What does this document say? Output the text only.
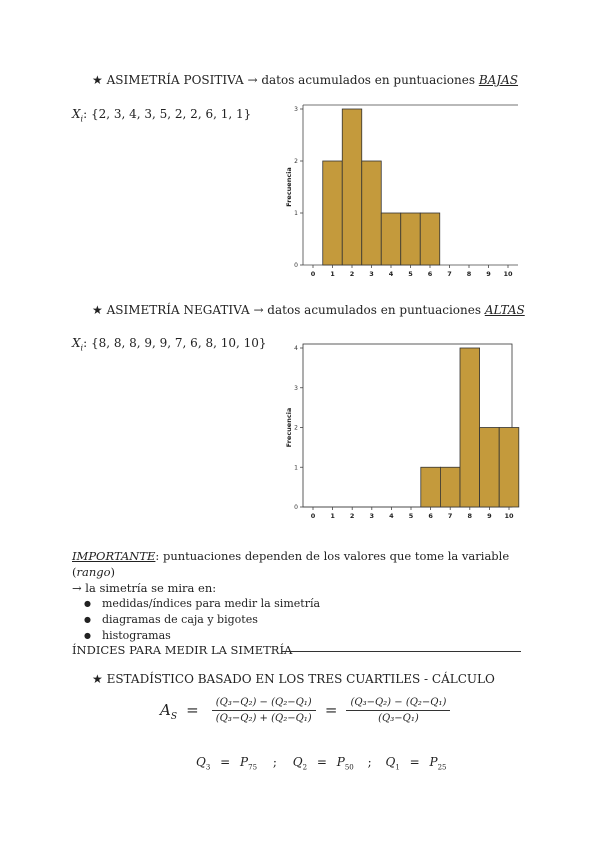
★ ASIMETRÍA POSITIVA → datos acumulados en puntuaciones BAJAS
$X_i$: {2, 3, 4, 3, 5, 2, 2, 6, 1, 1}
0
1
2
3
0 1 2 3 4 5 6 7 8 9 10
Frecuencia
★ ASIMETRÍA NEGATIVA → datos acumulados en puntuaciones ALTAS
$X_i$: {8, 8, 8, 9, 9, 7, 6, 8, 10, 10}
0
1
2
3
4
0 1 2 3 4 5 6 7 8 9 10
Frecuencia
IMPORTANTE: puntuaciones dependen de los valores que tome la variable (rango)
→ la simetría se mira en:
● medidas/índices para medir la simetría
● diagramas de caja y bigotes
● histogramas
ÍNDICES PARA MEDIR LA SIMETRÍA
★ ESTADÍSTICO BASADO EN LOS TRES CUARTILES - CÁLCULO
$A_S = \frac{\text{(Q₃−Q₂) − (Q₂−Q₁)}}{\text{(Q₃−Q₂) + (Q₂−Q₁)}} = \frac{\text{(Q₃−Q₂) − (Q₂−Q₁)}}{\text{(Q₃−Q₁)}}$
$Q_3 = P_{75}$ ; $Q_2 = P_{50}$ ; $Q_1 = P_{25}$
